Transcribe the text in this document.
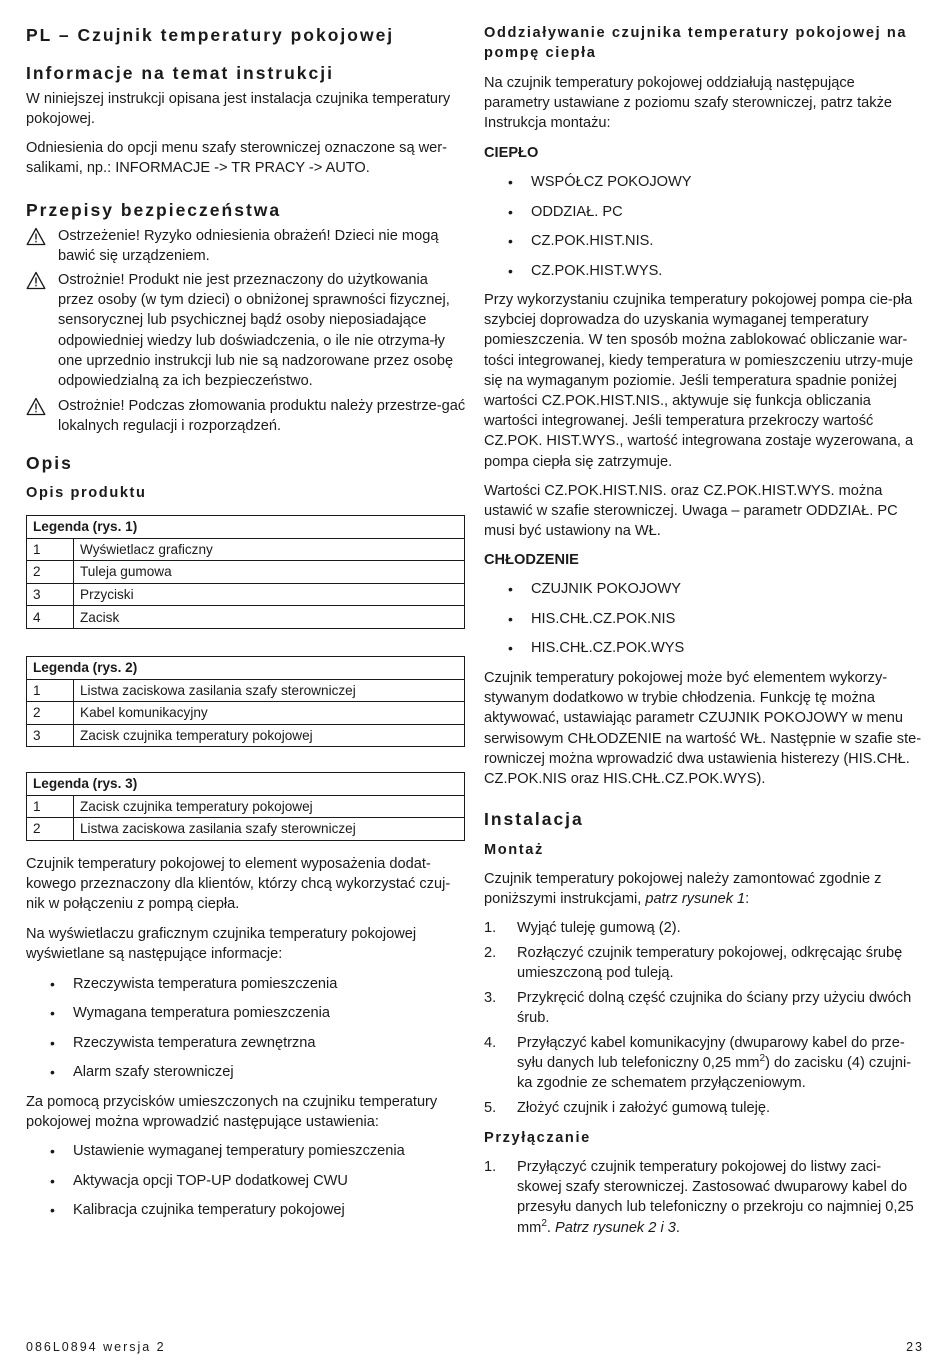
PL – Czujnik temperatury pokojowej
Informacje na temat instrukcji

W niniejszej instrukcji opisana jest instalacja czujnika temperatury pokojowej.

Odniesienia do opcji menu szafy sterowniczej oznaczone są wer-salikami, np.: INFORMACJE -> TR PRACY -> AUTO.

Przepisy bezpieczeństwa

Ostrzeżenie! Ryzyko odniesienia obrażeń! Dzieci nie mogą bawić się urządzeniem.

Ostrożnie! Produkt nie jest przeznaczony do użytkowania przez osoby (w tym dzieci) o obniżonej sprawności fizycznej, sensorycznej lub psychicznej bądź osoby nieposiadające odpowiedniej wiedzy lub doświadczenia, o ile nie otrzyma-ły one uprzednio instrukcji lub nie są nadzorowane przez osobę odpowiedzialną za ich bezpieczeństwo.

Ostrożnie! Podczas złomowania produktu należy przestrze-gać lokalnych regulacji i rozporządzeń.

Opis
Opis produktu
Legenda (rys. 1)	
1	Wyświetlacz graficzny
2	Tuleja gumowa
3	Przyciski
4	Zacisk
Legenda (rys. 2)	
1	Listwa zaciskowa zasilania szafy sterowniczej
2	Kabel komunikacyjny
3	Zacisk czujnika temperatury pokojowej
Legenda (rys. 3)	
1	Zacisk czujnika temperatury pokojowej
2	Listwa zaciskowa zasilania szafy sterowniczej

Czujnik temperatury pokojowej to element wyposażenia dodat-kowego przeznaczony dla klientów, którzy chcą wykorzystać czuj-nik w połączeniu z pompą ciepła.

Na wyświetlaczu graficznym czujnika temperatury pokojowej wyświetlane są następujące informacje:

• Rzeczywista temperatura pomieszczenia
• Wymagana temperatura pomieszczenia
• Rzeczywista temperatura zewnętrzna
• Alarm szafy sterowniczej

Za pomocą przycisków umieszczonych na czujniku temperatury pokojowej można wprowadzić następujące ustawienia:

• Ustawienie wymaganej temperatury pomieszczenia
• Aktywacja opcji TOP-UP dodatkowej CWU
• Kalibracja czujnika temperatury pokojowej
086L0894 wersja 2
Oddziaływanie czujnika temperatury pokojowej na pompę ciepła

Na czujnik temperatury pokojowej oddziałują następujące parametry ustawiane z poziomu szafy sterowniczej, patrz także Instrukcja montażu:

CIEPŁO

• WSPÓŁCZ POKOJOWY
• ODDZIAŁ. PC
• CZ.POK.HIST.NIS.
• CZ.POK.HIST.WYS.

Przy wykorzystaniu czujnika temperatury pokojowej pompa cie-pła szybciej doprowadza do uzyskania wymaganej temperatury pomieszczenia. W ten sposób można zablokować obliczanie war-tości integrowanej, kiedy temperatura w pomieszczeniu utrzy-muje się na wymaganym poziomie. Jeśli temperatura spadnie poniżej wartości CZ.POK.HIST.NIS., aktywuje się funkcja obliczania wartości integrowanej. Jeśli temperatura przekroczy wartość CZ.POK. HIST.WYS., wartość integrowana zostaje wyzerowana, a pompa ciepła się zatrzymuje.

Wartości CZ.POK.HIST.NIS. oraz CZ.POK.HIST.WYS. można ustawić w szafie sterowniczej. Uwaga – parametr ODDZIAŁ. PC musi być ustawiony na WŁ.

CHŁODZENIE

• CZUJNIK POKOJOWY
• HIS.CHŁ.CZ.POK.NIS
• HIS.CHŁ.CZ.POK.WYS

Czujnik temperatury pokojowej może być elementem wykorzy-stywanym dodatkowo w trybie chłodzenia. Funkcję tę można aktywować, ustawiając parametr CZUJNIK POKOJOWY w menu serwisowym CHŁODZENIE na wartość WŁ. Następnie w szafie ste-rowniczej można wprowadzić dwa ustawienia histerezy (HIS.CHŁ. CZ.POK.NIS oraz HIS.CHŁ.CZ.POK.WYS).

Instalacja
Montaż

Czujnik temperatury pokojowej należy zamontować zgodnie z poniższymi instrukcjami, patrz rysunek 1:

1. Wyjąć tuleję gumową (2).

2. Rozłączyć czujnik temperatury pokojowej, odkręcając śrubę umieszczoną pod tuleją.

3. Przykręcić dolną część czujnika do ściany przy użyciu dwóch śrub.

4. Przyłączyć kabel komunikacyjny (dwuparowy kabel do prze-syłu danych lub telefoniczny 0,25 $mm^2$) do zacisku (4) czujni-ka zgodnie ze schematem przyłączeniowym.

5. Złożyć czujnik i założyć gumową tuleję.

Przyłączanie
1. Przyłączyć czujnik temperatury pokojowej do listwy zaci-skowej szafy sterowniczej. Zastosować dwuparowy kabel do przesyłu danych lub telefoniczny o przekroju co najmniej 0,25 $mm^2$. Patrz rysunek 2 i 3.

23
